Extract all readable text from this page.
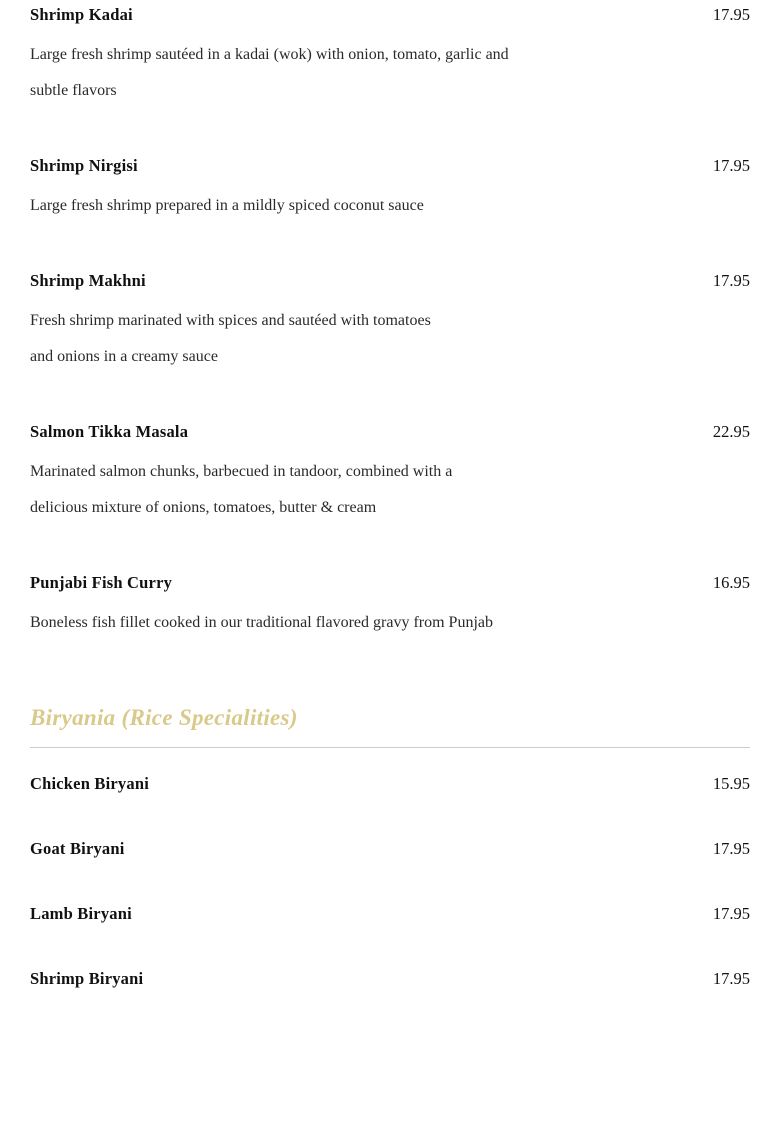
Shrimp Kadai	17.95
Large fresh shrimp sautéed in a kadai (wok) with onion, tomato, garlic and
subtle flavors
Shrimp Nirgisi	17.95
Large fresh shrimp prepared in a mildly spiced coconut sauce
Shrimp Makhni	17.95
Fresh shrimp marinated with spices and sautéed with tomatoes
and onions in a creamy sauce
Salmon Tikka Masala	22.95
Marinated salmon chunks, barbecued in tandoor, combined with a
delicious mixture of onions, tomatoes, butter & cream
Punjabi Fish Curry	16.95
Boneless fish fillet cooked in our traditional flavored gravy from Punjab
Biryania (Rice Specialities)
Chicken Biryani	15.95
Goat Biryani	17.95
Lamb Biryani	17.95
Shrimp Biryani	17.95
